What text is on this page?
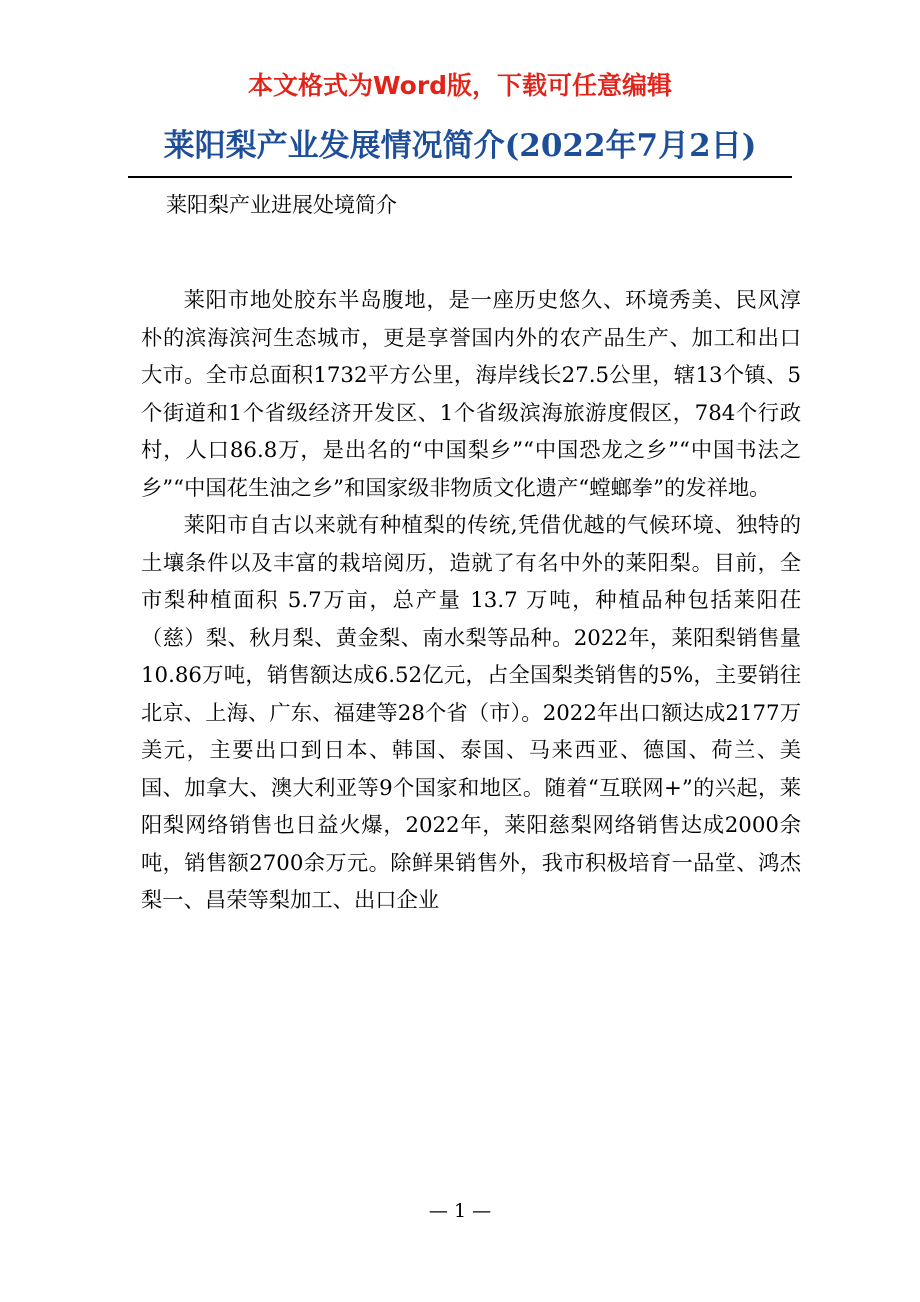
本文格式为Word版，下载可任意编辑
莱阳梨产业发展情况简介(2022年7月2日)

莱阳梨产业进展处境简介

莱阳市地处胶东半岛腹地，是一座历史悠久、环境秀美、民风淳朴的滨海滨河生态城市，更是享誉国内外的农产品生产、加工和出口大市。全市总面积1732平方公里，海岸线长27.5公里，辖13个镇、5个街道和1个省级经济开发区、1个省级滨海旅游度假区，784个行政村，人口86.8万，是出名的“中国梨乡”“中国恐龙之乡”“中国书法之乡”“中国花生油之乡”和国家级非物质文化遗产“螳螂拳”的发祥地。

莱阳市自古以来就有种植梨的传统,凭借优越的气候环境、独特的土壤条件以及丰富的栽培阅历，造就了有名中外的莱阳梨。目前，全市梨种植面积 5.7万亩，总产量 13.7 万吨，种植品种包括莱阳茌（慈）梨、秋月梨、黄金梨、南水梨等品种。2022年，莱阳梨销售量10.86万吨，销售额达成6.52亿元，占全国梨类销售的5%，主要销往北京、上海、广东、福建等28个省（市）。2022年出口额达成2177万美元，主要出口到日本、韩国、泰国、马来西亚、德国、荷兰、美国、加拿大、澳大利亚等9个国家和地区。随着“互联网+”的兴起，莱阳梨网络销售也日益火爆，2022年，莱阳慈梨网络销售达成2000余吨，销售额2700余万元。除鲜果销售外，我市积极培育一品堂、鸿杰梨一、昌荣等梨加工、出口企业

— 1 —
